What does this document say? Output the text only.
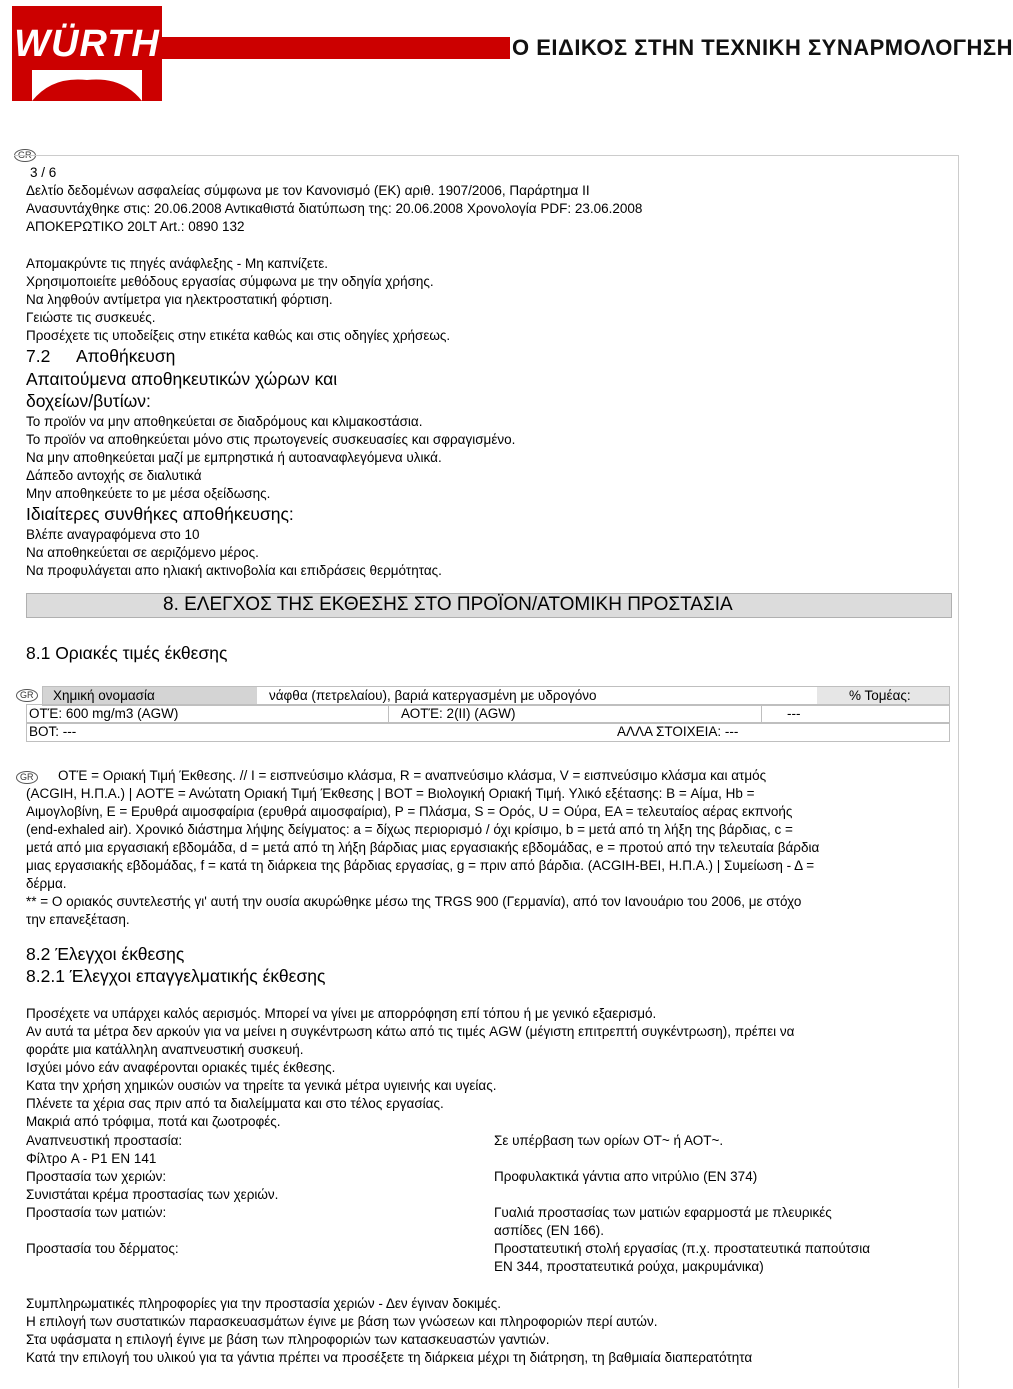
WÜRTH
®
Ο ΕΙΔΙΚΟΣ ΣΤΗΝ ΤΕΧΝΙΚΗ ΣΥΝΑΡΜΟΛΟΓΗΣΗ
GR
3 / 6
Δελτίο δεδομένων ασφαλείας σύμφωνα με τον Κανονισμό (ΕΚ) αριθ. 1907/2006, Παράρτημα II
Ανασυντάχθηκε στις: 20.06.2008 Αντικαθιστά διατύπωση της: 20.06.2008 Χρονολογία PDF: 23.06.2008
ΑΠΟΚΕΡΩΤΙΚΟ 20LT Art.: 0890 132
Απομακρύντε τις πηγές ανάφλεξης - Μη καπνίζετε.
Χρησιμοποιείτε μεθόδους εργασίας σύμφωνα με την οδηγία χρήσης.
Να ληφθούν αντίμετρα για ηλεκτροστατική φόρτιση.
Γειώστε τις συσκευές.
Προσέχετε τις υποδείξεις στην ετικέτα καθώς και στις οδηγίες χρήσεως.
7.2 Αποθήκευση
Απαιτούμενα αποθηκευτικών χώρων και
δοχείων/βυτίων:
Το προϊόν να μην αποθηκεύεται σε διαδρόμους και κλιμακοστάσια.
Το προϊόν να αποθηκεύεται μόνο στις πρωτογενείς συσκευασίες και σφραγισμένο.
Να μην αποθηκεύεται μαζί με εμπρηστικά ή αυτοαναφλεγόμενα υλικά.
Δάπεδο αντοχής σε διαλυτικά
Μην αποθηκεύετε το με μέσα οξείδωσης.
Ιδιαίτερες συνθήκες αποθήκευσης:
Βλέπε αναγραφόμενα στο 10
Να αποθηκεύεται σε αεριζόμενο μέρος.
Να προφυλάγεται απο ηλιακή ακτινοβολία και επιδράσεις θερμότητας.
8. ΕΛΕΓΧΟΣ ΤΗΣ ΕΚΘΕΣΗΣ ΣΤΟ ΠΡΟΪΟΝ/ΑΤΟΜΙΚΗ ΠΡΟΣΤΑΣΙΑ
8.1 Οριακές τιμές έκθεσης
GR Χημική ονομασία	νάφθα (πετρελαίου), βαριά κατεργασμένη με υδρογόνο	% Τομέας:
ΟΤΈ: 600 mg/m3 (AGW)	ΑΟΤΈ: 2(II) (AGW)	---
ΒΟΤ: ---	ΑΛΛΑ ΣΤΟΙΧΕΙΑ: ---
GR ΟΤΈ = Οριακή Τιμή Έκθεσης. // I = εισπνεύσιμο κλάσμα, R = αναπνεύσιμο κλάσμα, V = εισπνεύσιμο κλάσμα και ατμός
(ACGIH, Η.Π.Α.) | ΑΟΤΈ = Ανώτατη Οριακή Τιμή Έκθεσης | ΒΟΤ = Βιολογική Οριακή Τιμή. Υλικό εξέτασης: B = Αίμα, Hb =
Αιμογλοβίνη, E = Ερυθρά αιμοσφαίρια (ερυθρά αιμοσφαίρια), P = Πλάσμα, S = Ορός, U = Ούρα, EA = τελευταίος αέρας εκπνοής
(end-exhaled air). Χρονικό διάστημα λήψης δείγματος: a = δίχως περιορισμό / όχι κρίσιμο, b = μετά από τη λήξη της βάρδιας, c =
μετά από μια εργασιακή εβδομάδα, d = μετά από τη λήξη βάρδιας μιας εργασιακής εβδομάδας, e = προτού από την τελευταία βάρδια
μιας εργασιακής εβδομάδας, f = κατά τη διάρκεια της βάρδιας εργασίας, g = πριν από βάρδια. (ACGIH-BEI, Η.Π.Α.) | Συμείωση - Δ =
δέρμα.
** = Ο οριακός συντελεστής γι' αυτή την ουσία ακυρώθηκε μέσω της TRGS 900 (Γερμανία), από τον Ιανουάριο του 2006, με στόχο
την επανεξέταση.
8.2 Έλεγχοι έκθεσης
8.2.1 Έλεγχοι επαγγελματικής έκθεσης
Προσέχετε να υπάρχει καλός αερισμός. Μπορεί να γίνει με απορρόφηση επί τόπου ή με γενικό εξαερισμό.
Αν αυτά τα μέτρα δεν αρκούν για να μείνει η συγκέντρωση κάτω από τις τιμές AGW (μέγιστη επιτρεπτή συγκέντρωση), πρέπει να
φοράτε μια κατάλληλη αναπνευστική συσκευή.
Ισχύει μόνο εάν αναφέρονται οριακές τιμές έκθεσης.
Κατα την χρήση χημικών ουσιών να τηρείτε τα γενικά μέτρα υγιεινής και υγείας.
Πλένετε τα χέρια σας πριν από τα διαλείμματα και στο τέλος εργασίας.
Μακριά από τρόφιμα, ποτά και ζωοτροφές.
Αναπνευστική προστασία:	Σε υπέρβαση των ορίων ΟΤ~ ή ΑΟΤ~.
Φίλτρο A - P1 EN 141
Προστασία των χεριών:	Προφυλακτικά γάντια απο νιτρύλιο (EN 374)
Συνιστάται κρέμα προστασίας των χεριών.
Προστασία των ματιών:	Γυαλιά προστασίας των ματιών εφαρμοστά με πλευρικές
ασπίδες (EN 166).
Προστασία του δέρματος:	Προστατευτική στολή εργασίας (π.χ. προστατευτικά παπούτσια
EN 344, προστατευτικά ρούχα, μακρυμάνικα)
Συμπληρωματικές πληροφορίες για την προστασία χεριών - Δεν έγιναν δοκιμές.
Η επιλογή των συστατικών παρασκευασμάτων έγινε με βάση των γνώσεων και πληροφοριών περί αυτών.
Στα υφάσματα η επιλογή έγινε με βάση των πληροφοριών των κατασκευαστών γαντιών.
Κατά την επιλογή του υλικού για τα γάντια πρέπει να προσέξετε τη διάρκεια μέχρι τη διάτρηση, τη βαθμιαία διαπερατότητα
